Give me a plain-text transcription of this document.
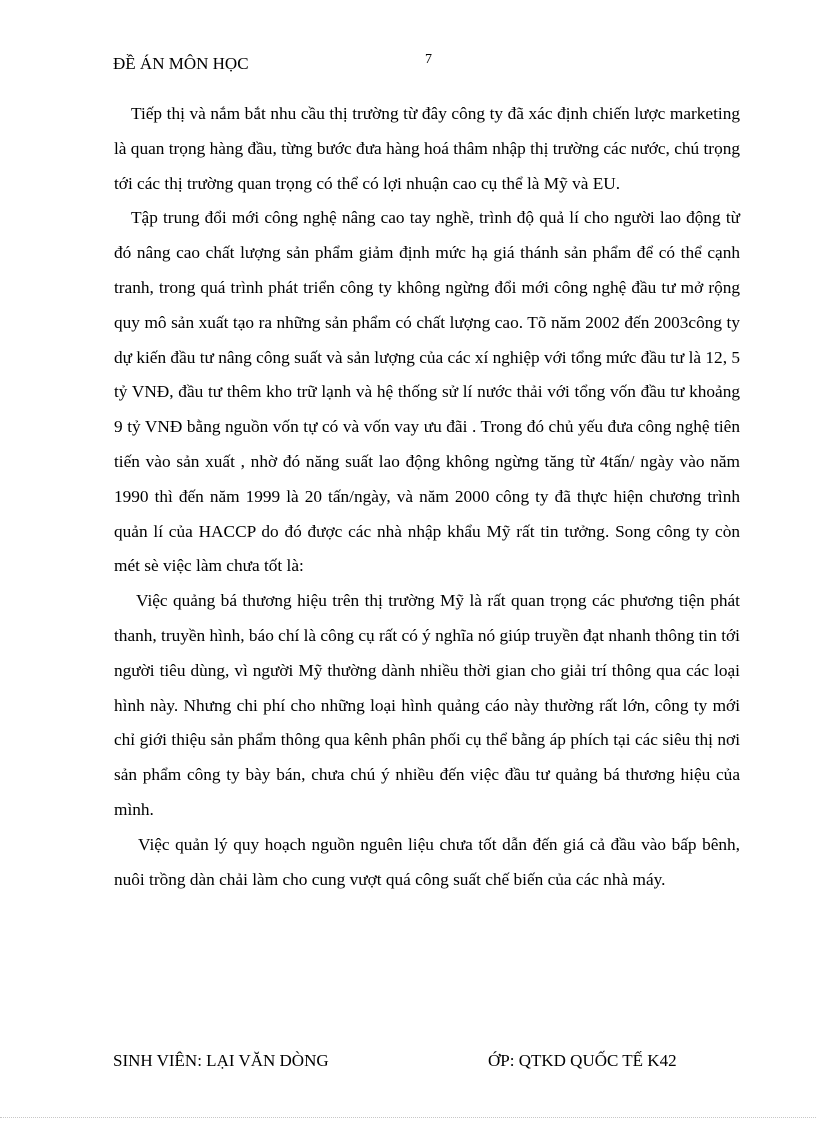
ĐỀ ÁN MÔN HỌC	7

Tiếp thị và nắm bắt nhu cầu thị trường từ đây công ty đã xác định chiến lược marketing là quan trọng hàng đầu, từng bước đưa hàng hoá thâm nhập thị trường các nước, chú trọng tới các thị trường quan trọng có thể có lợi nhuận cao cụ thể là Mỹ và EU.

Tập trung đổi mới công nghệ nâng cao tay nghề, trình độ quả lí cho người lao động từ đó nâng cao chất lượng sản phẩm giảm định mức hạ giá thánh sản phẩm để có thể cạnh tranh, trong quá trình phát triển công ty không ngừng đổi mới công nghệ đầu tư mở rộng quy mô sản xuất tạo ra những sản phẩm có chất lượng cao. Tõ năm 2002 đến 2003công ty dự kiến đầu tư nâng công suất và sản lượng của các xí nghiệp với tổng mức đầu tư là 12, 5 tỷ VNĐ, đầu tư thêm kho trữ lạnh và hệ thống sử lí nước thải với tổng vốn đầu tư khoảng 9 tỷ VNĐ bằng nguồn vốn tự có và vốn vay ưu đãi . Trong đó chủ yếu đưa công nghệ tiên tiến vào sản xuất , nhờ đó năng suất lao động không ngừng tăng từ 4tấn/ ngày vào năm 1990 thì đến năm 1999 là 20 tấn/ngày, và năm 2000 công ty đã thực hiện chương trình quản lí của HACCP do đó được các nhà nhập khẩu Mỹ rất tin tưởng. Song công ty còn mét sè việc làm chưa tốt là:

Việc quảng bá thương hiệu trên thị trường Mỹ là rất quan trọng các phương tiện phát thanh, truyền hình, báo chí là công cụ rất có ý nghĩa nó giúp truyền đạt nhanh thông tin tới người tiêu dùng, vì người Mỹ thường dành nhiều thời gian cho giải trí thông qua các loại hình này. Nhưng chi phí cho những loại hình quảng cáo này thường rất lớn, công ty mới chỉ giới thiệu sản phẩm thông qua kênh phân phối cụ thể bằng áp phích tại các siêu thị nơi sản phẩm công ty bày bán, chưa chú ý nhiều đến việc đầu tư quảng bá thương hiệu của mình.

Việc quản lý quy hoạch nguồn nguên liệu chưa tốt dẫn đến giá cả đầu vào bấp bênh, nuôi trồng dàn chải làm cho cung vượt quá công suất chế biến của các nhà máy.

SINH VIÊN: LẠI VĂN DÒNG	ỚP: QTKD QUỐC TẾ K42
